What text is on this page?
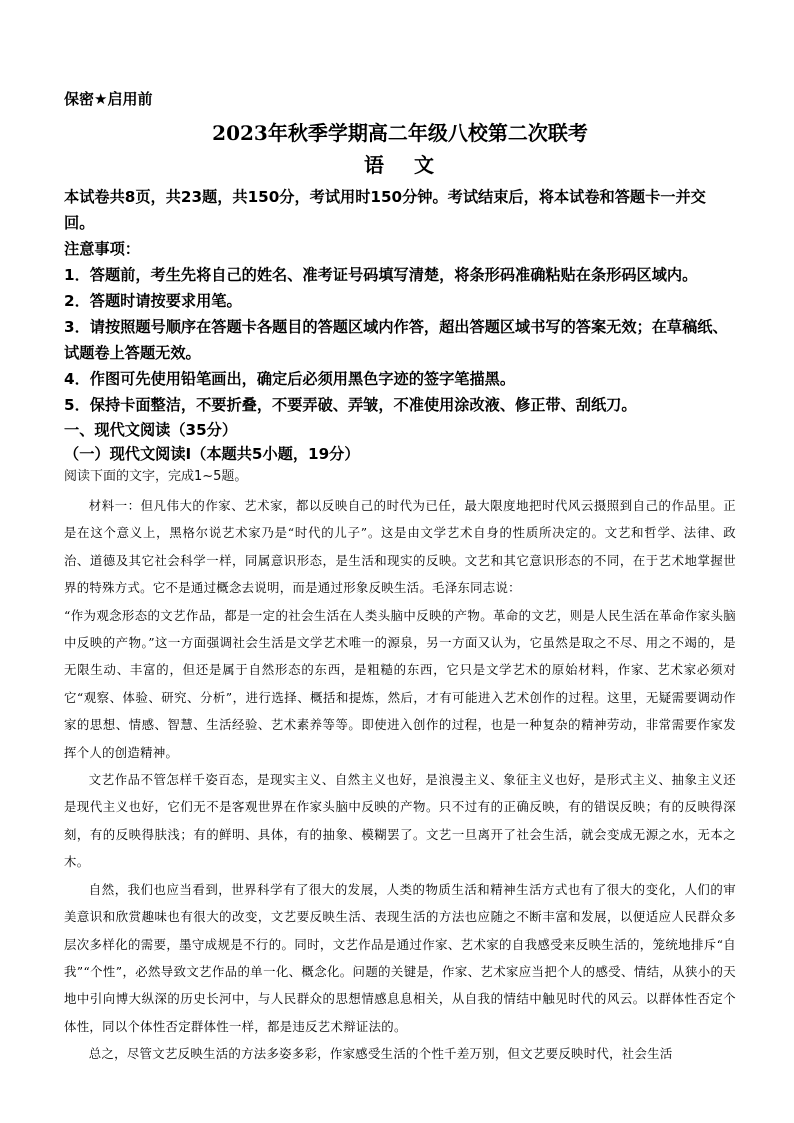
保密★启用前
2023年秋季学期高二年级八校第二次联考
语 文

本试卷共8页，共23题，共150分，考试用时150分钟。考试结束后，将本试卷和答题卡一并交回。

注意事项：

1．答题前，考生先将自己的姓名、准考证号码填写清楚，将条形码准确粘贴在条形码区域内。
2．答题时请按要求用笔。
3．请按照题号顺序在答题卡各题目的答题区域内作答，超出答题区域书写的答案无效；在草稿纸、试题卷上答题无效。
4．作图可先使用铅笔画出，确定后必须用黑色字迹的签字笔描黑。
5．保持卡面整洁，不要折叠，不要弄破、弄皱，不准使用涂改液、修正带、刮纸刀。

一、现代文阅读（35分）

（一）现代文阅读Ⅰ（本题共5小题，19分）

阅读下面的文字，完成1~5题。

材料一：但凡伟大的作家、艺术家，都以反映自己的时代为已任，最大限度地把时代风云摄照到自己的作品里。正是在这个意义上，黑格尔说艺术家乃是“时代的儿子”。这是由文学艺术自身的性质所决定的。文艺和哲学、法律、政治、道德及其它社会科学一样，同属意识形态，是生活和现实的反映。文艺和其它意识形态的不同，在于艺术地掌握世界的特殊方式。它不是通过概念去说明，而是通过形象反映生活。毛泽东同志说：

“作为观念形态的文艺作品，都是一定的社会生活在人类头脑中反映的产物。革命的文艺，则是人民生活在革命作家头脑中反映的产物。”这一方面强调社会生活是文学艺术唯一的源泉，另一方面又认为，它虽然是取之不尽、用之不竭的，是无限生动、丰富的，但还是属于自然形态的东西，是粗糙的东西，它只是文学艺术的原始材料，作家、艺术家必须对它“观察、体验、研究、分析”，进行选择、概括和提炼，然后，才有可能进入艺术创作的过程。这里，无疑需要调动作家的思想、情感、智慧、生活经验、艺术素养等等。即使进入创作的过程，也是一种复杂的精神劳动，非常需要作家发挥个人的创造精神。

文艺作品不管怎样千姿百态，是现实主义、自然主义也好，是浪漫主义、象征主义也好，是形式主义、抽象主义还是现代主义也好，它们无不是客观世界在作家头脑中反映的产物。只不过有的正确反映，有的错误反映；有的反映得深刻，有的反映得肤浅；有的鲜明、具体，有的抽象、模糊罢了。文艺一旦离开了社会生活，就会变成无源之水，无本之木。

自然，我们也应当看到，世界科学有了很大的发展，人类的物质生活和精神生活方式也有了很大的变化，人们的审美意识和欣赏趣味也有很大的改变，文艺要反映生活、表现生活的方法也应随之不断丰富和发展，以便适应人民群众多层次多样化的需要，墨守成规是不行的。同时，文艺作品是通过作家、艺术家的自我感受来反映生活的，笼统地排斥“自我”“个性”，必然导致文艺作品的单一化、概念化。问题的关键是，作家、艺术家应当把个人的感受、情结，从狭小的天地中引向博大纵深的历史长河中，与人民群众的思想情感息息相关，从自我的情结中触见时代的风云。以群体性否定个体性，同以个体性否定群体性一样，都是违反艺术辩证法的。

总之，尽管文艺反映生活的方法多姿多彩，作家感受生活的个性千差万别，但文艺要反映时代，社会生活
